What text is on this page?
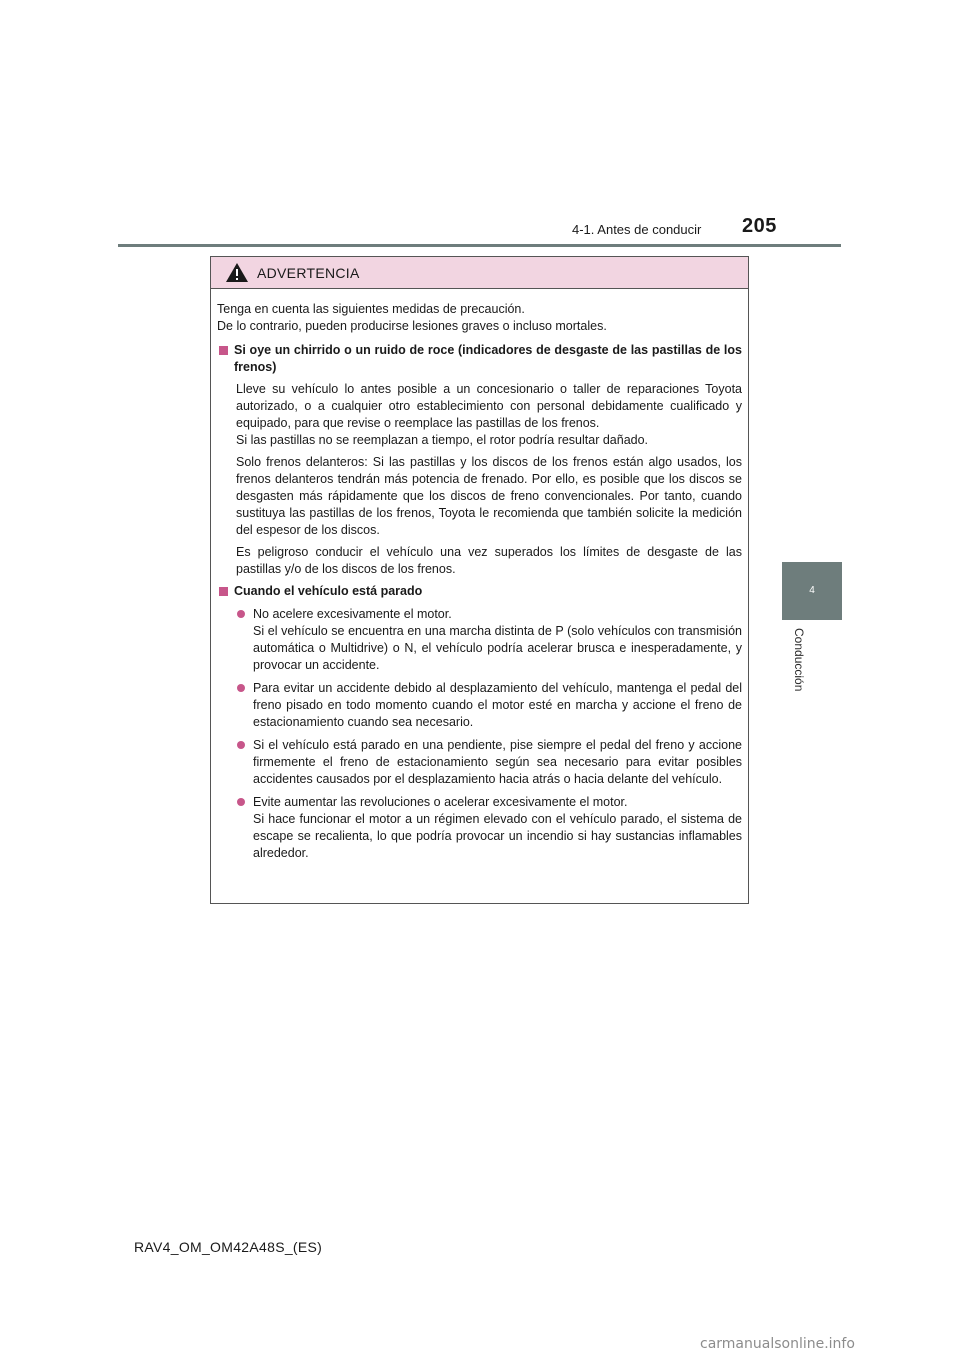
205
4-1. Antes de conducir
4
Conducción
ADVERTENCIA

Tenga en cuenta las siguientes medidas de precaución.

De lo contrario, pueden producirse lesiones graves o incluso mortales.

Si oye un chirrido o un ruido de roce (indicadores de desgaste de las pastillas de los frenos)

Lleve su vehículo lo antes posible a un concesionario o taller de reparaciones Toyota autorizado, o a cualquier otro establecimiento con personal debidamente cualificado y equipado, para que revise o reemplace las pastillas de los frenos.

Si las pastillas no se reemplazan a tiempo, el rotor podría resultar dañado.

Solo frenos delanteros: Si las pastillas y los discos de los frenos están algo usados, los frenos delanteros tendrán más potencia de frenado. Por ello, es posible que los discos se desgasten más rápidamente que los discos de freno convencionales. Por tanto, cuando sustituya las pastillas de los frenos, Toyota le recomienda que también solicite la medición del espesor de los discos.

Es peligroso conducir el vehículo una vez superados los límites de desgaste de las pastillas y/o de los discos de los frenos.

Cuando el vehículo está parado

No acelere excesivamente el motor.

Si el vehículo se encuentra en una marcha distinta de P (solo vehículos con transmisión automática o Multidrive) o N, el vehículo podría acelerar brusca e inesperadamente, y provocar un accidente.

Para evitar un accidente debido al desplazamiento del vehículo, mantenga el pedal del freno pisado en todo momento cuando el motor esté en marcha y accione el freno de estacionamiento cuando sea necesario.

Si el vehículo está parado en una pendiente, pise siempre el pedal del freno y accione firmemente el freno de estacionamiento según sea necesario para evitar posibles accidentes causados por el desplazamiento hacia atrás o hacia delante del vehículo.

Evite aumentar las revoluciones o acelerar excesivamente el motor.

Si hace funcionar el motor a un régimen elevado con el vehículo parado, el sistema de escape se recalienta, lo que podría provocar un incendio si hay sustancias inflamables alrededor.

RAV4_OM_OM42A48S_(ES)
carmanualsonline.info
